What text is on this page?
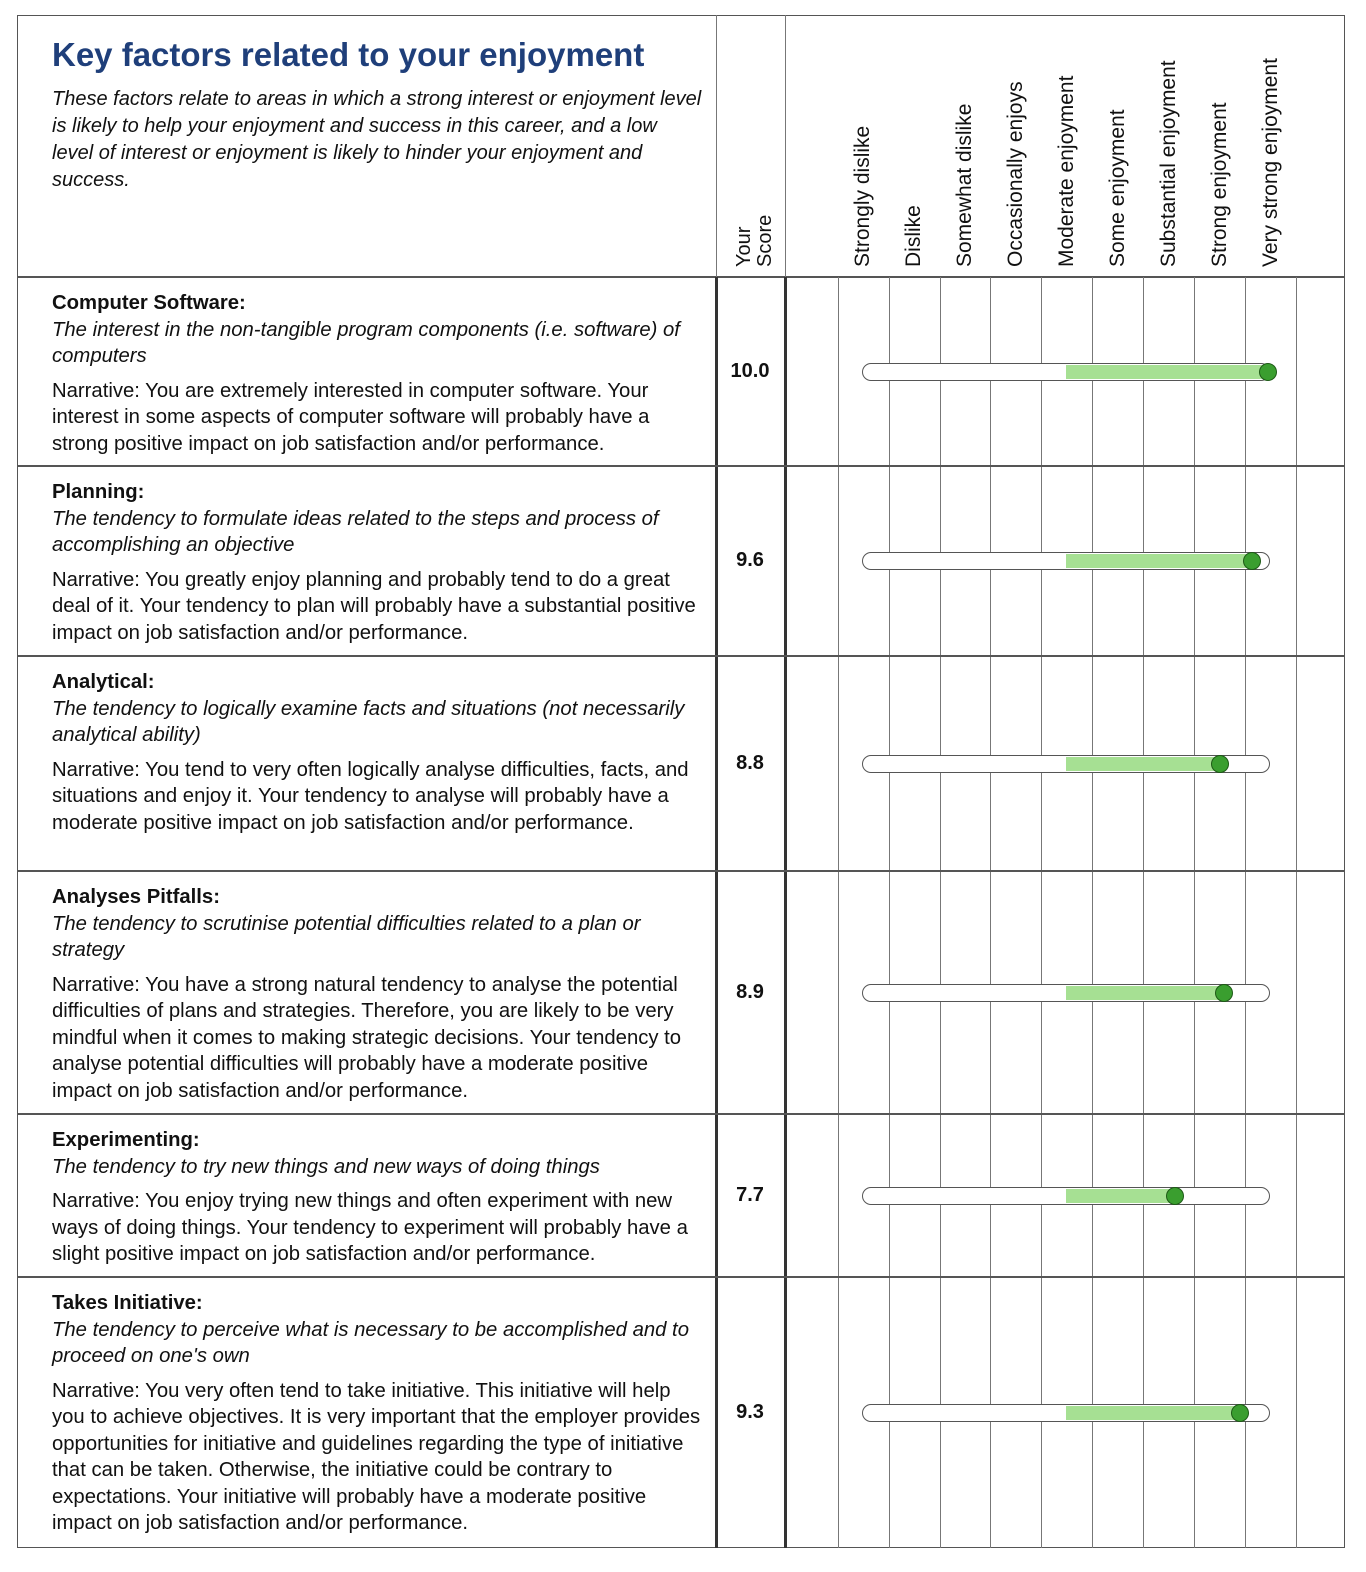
Key factors related to your enjoyment
These factors relate to areas in which a strong interest or enjoyment level is likely to help your enjoyment and success in this career, and a low level of interest or enjoyment is likely to hinder your enjoyment and success.
Your Score	Strongly dislike Dislike Somewhat dislike Occasionally enjoys Moderate enjoyment Some enjoyment Substantial enjoyment Strong enjoyment Very strong enjoyment
Computer Software:
The interest in the non-tangible program components (i.e. software) of computers
Narrative: You are extremely interested in computer software. Your interest in some aspects of computer software will probably have a strong positive impact on job satisfaction and/or performance.
10.0
Planning:
The tendency to formulate ideas related to the steps and process of accomplishing an objective
Narrative: You greatly enjoy planning and probably tend to do a great deal of it. Your tendency to plan will probably have a substantial positive impact on job satisfaction and/or performance.
9.6
Analytical:
The tendency to logically examine facts and situations (not necessarily analytical ability)
Narrative: You tend to very often logically analyse difficulties, facts, and situations and enjoy it. Your tendency to analyse will probably have a moderate positive impact on job satisfaction and/or performance.
8.8
Analyses Pitfalls:
The tendency to scrutinise potential difficulties related to a plan or strategy
Narrative: You have a strong natural tendency to analyse the potential difficulties of plans and strategies. Therefore, you are likely to be very mindful when it comes to making strategic decisions. Your tendency to analyse potential difficulties will probably have a moderate positive impact on job satisfaction and/or performance.
8.9
Experimenting:
The tendency to try new things and new ways of doing things
Narrative: You enjoy trying new things and often experiment with new ways of doing things. Your tendency to experiment will probably have a slight positive impact on job satisfaction and/or performance.
7.7
Takes Initiative:
The tendency to perceive what is necessary to be accomplished and to proceed on one's own
Narrative: You very often tend to take initiative. This initiative will help you to achieve objectives. It is very important that the employer provides opportunities for initiative and guidelines regarding the type of initiative that can be taken. Otherwise, the initiative could be contrary to expectations. Your initiative will probably have a moderate positive impact on job satisfaction and/or performance.
9.3
